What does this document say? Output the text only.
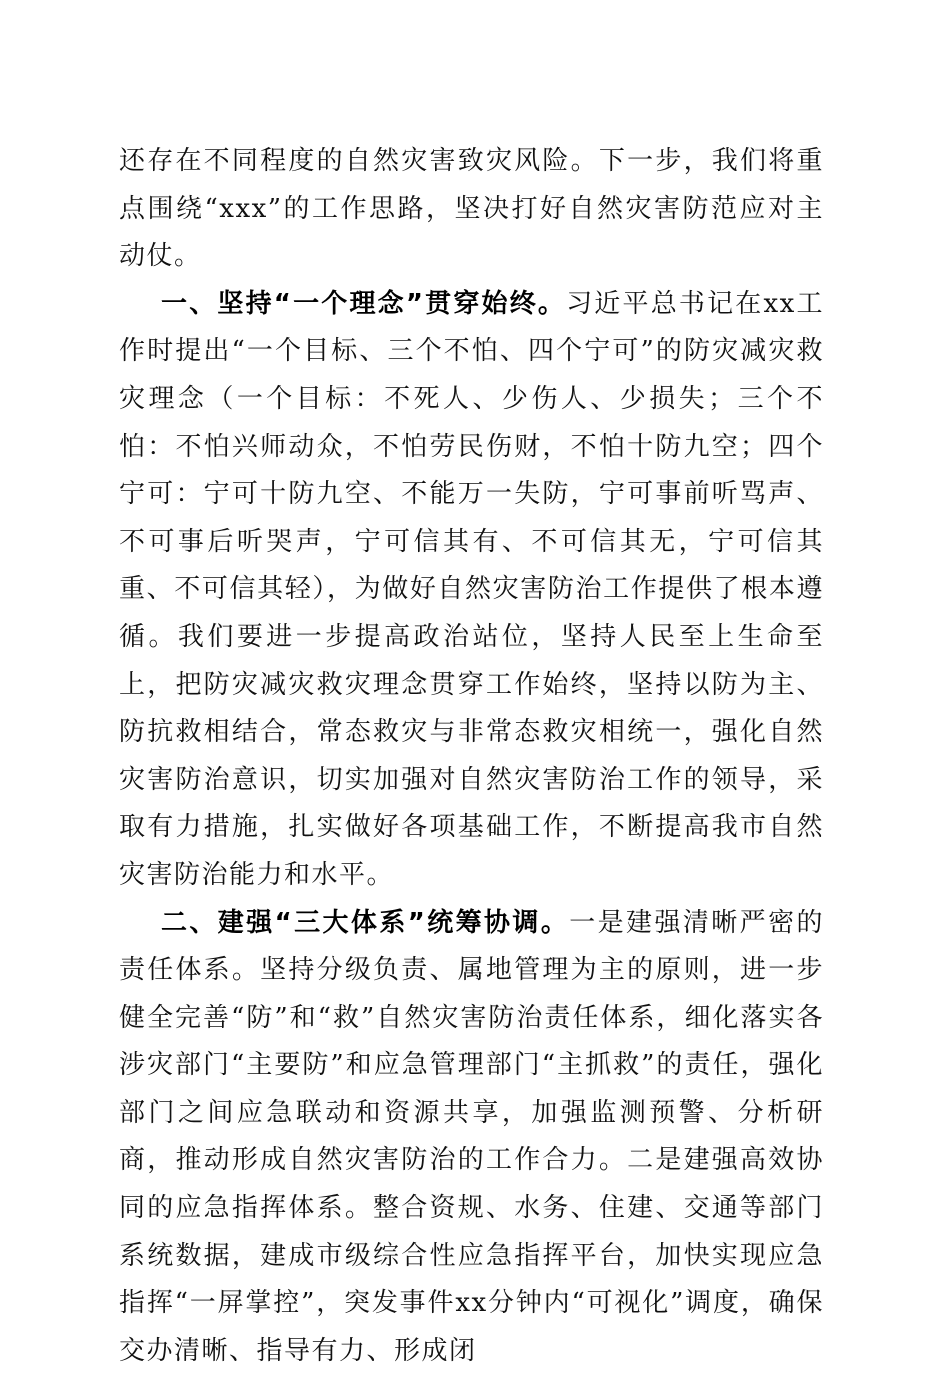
还存在不同程度的自然灾害致灾风险。下一步，我们将重点围绕“xxx”的工作思路，坚决打好自然灾害防范应对主动仗。

一、坚持“一个理念”贯穿始终。习近平总书记在xx工作时提出“一个目标、三个不怕、四个宁可”的防灾减灾救灾理念（一个目标：不死人、少伤人、少损失；三个不怕：不怕兴师动众，不怕劳民伤财，不怕十防九空；四个宁可：宁可十防九空、不能万一失防，宁可事前听骂声、不可事后听哭声，宁可信其有、不可信其无，宁可信其重、不可信其轻），为做好自然灾害防治工作提供了根本遵循。我们要进一步提高政治站位，坚持人民至上生命至上，把防灾减灾救灾理念贯穿工作始终，坚持以防为主、防抗救相结合，常态救灾与非常态救灾相统一，强化自然灾害防治意识，切实加强对自然灾害防治工作的领导，采取有力措施，扎实做好各项基础工作，不断提高我市自然灾害防治能力和水平。

二、建强“三大体系”统筹协调。一是建强清晰严密的责任体系。坚持分级负责、属地管理为主的原则，进一步健全完善“防”和“救”自然灾害防治责任体系，细化落实各涉灾部门“主要防”和应急管理部门“主抓救”的责任，强化部门之间应急联动和资源共享，加强监测预警、分析研商，推动形成自然灾害防治的工作合力。二是建强高效协同的应急指挥体系。整合资规、水务、住建、交通等部门系统数据，建成市级综合性应急指挥平台，加快实现应急指挥“一屏掌控”，突发事件xx分钟内“可视化”调度，确保交办清晰、指导有力、形成闭
